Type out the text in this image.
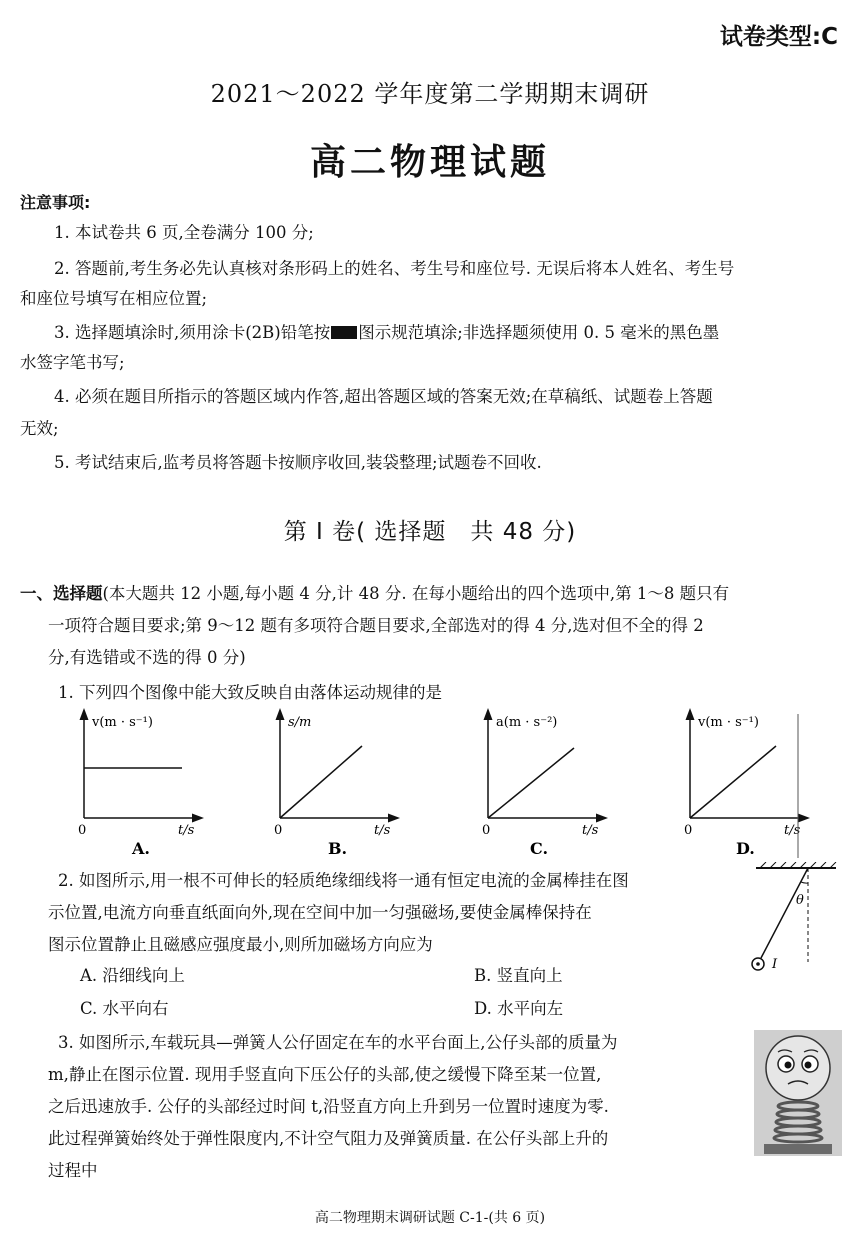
试卷类型:C
2021～2022 学年度第二学期期末调研
高二物理试题
注意事项:
1. 本试卷共 6 页,全卷满分 100 分;
2. 答题前,考生务必先认真核对条形码上的姓名、考生号和座位号. 无误后将本人姓名、考生号
和座位号填写在相应位置;
3. 选择题填涂时,须用涂卡(2B)铅笔按 图示规范填涂;非选择题须使用 0. 5 毫米的黑色墨
水签字笔书写;
4. 必须在题目所指示的答题区域内作答,超出答题区域的答案无效;在草稿纸、试题卷上答题
无效;
5. 考试结束后,监考员将答题卡按顺序收回,装袋整理;试题卷不回收.
第 Ⅰ 卷( 选择题　共 48 分)
一、选择题(本大题共 12 小题,每小题 4 分,计 48 分. 在每小题给出的四个选项中,第 1～8 题只有
一项符合题目要求;第 9～12 题有多项符合题目要求,全部选对的得 4 分,选对但不全的得 2
分,有选错或不选的得 0 分)
1. 下列四个图像中能大致反映自由落体运动规律的是
v(m · s⁻¹)
0	t/s
A.
s/m
0	t/s
B.
a(m · s⁻²)
0	t/s
C.
v(m · s⁻¹)
0	t/s
D.
2. 如图所示,用一根不可伸长的轻质绝缘细线将一通有恒定电流的金属棒挂在图
示位置,电流方向垂直纸面向外,现在空间中加一匀强磁场,要使金属棒保持在
图示位置静止且磁感应强度最小,则所加磁场方向应为
A. 沿细线向上	B. 竖直向上
C. 水平向右	D. 水平向左
θ
I
3. 如图所示,车载玩具—弹簧人公仔固定在车的水平台面上,公仔头部的质量为
m,静止在图示位置. 现用手竖直向下压公仔的头部,使之缓慢下降至某一位置,
之后迅速放手. 公仔的头部经过时间 t,沿竖直方向上升到另一位置时速度为零.
此过程弹簧始终处于弹性限度内,不计空气阻力及弹簧质量. 在公仔头部上升的
过程中
高二物理期末调研试题 C-1-(共 6 页)
